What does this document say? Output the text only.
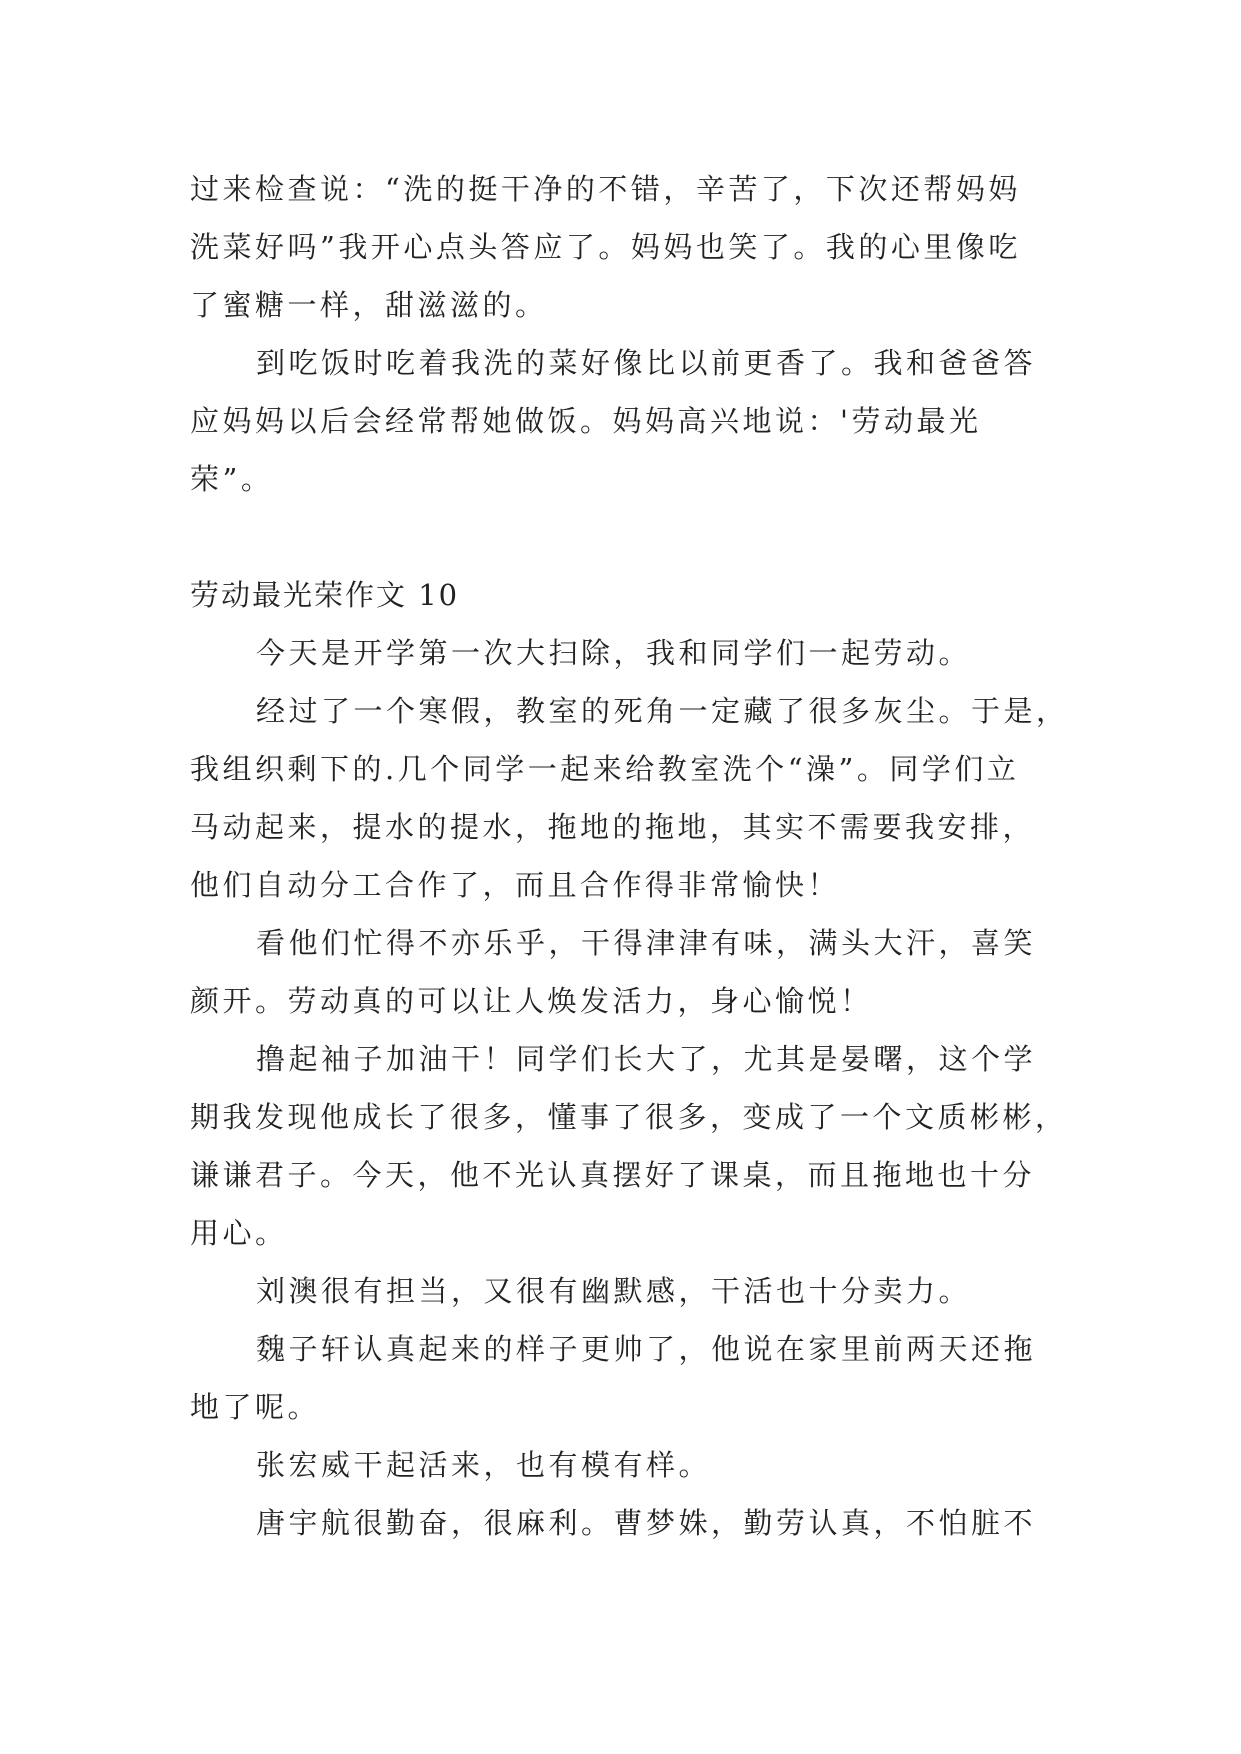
过来检查说：“洗的挺干净的不错，辛苦了，下次还帮妈妈
洗菜好吗”我开心点头答应了。妈妈也笑了。我的心里像吃
了蜜糖一样，甜滋滋的。
到吃饭时吃着我洗的菜好像比以前更香了。我和爸爸答
应妈妈以后会经常帮她做饭。妈妈高兴地说：'劳动最光
荣”。
劳动最光荣作文 10
今天是开学第一次大扫除，我和同学们一起劳动。
经过了一个寒假，教室的死角一定藏了很多灰尘。于是，
我组织剩下的.几个同学一起来给教室洗个“澡”。同学们立
马动起来，提水的提水，拖地的拖地，其实不需要我安排，
他们自动分工合作了，而且合作得非常愉快！
看他们忙得不亦乐乎，干得津津有味，满头大汗，喜笑
颜开。劳动真的可以让人焕发活力，身心愉悦！
撸起袖子加油干！同学们长大了，尤其是晏曙，这个学
期我发现他成长了很多，懂事了很多，变成了一个文质彬彬，
谦谦君子。今天，他不光认真摆好了课桌，而且拖地也十分
用心。
刘澳很有担当，又很有幽默感，干活也十分卖力。
魏子轩认真起来的样子更帅了，他说在家里前两天还拖
地了呢。
张宏威干起活来，也有模有样。
唐宇航很勤奋，很麻利。曹梦姝，勤劳认真，不怕脏不
